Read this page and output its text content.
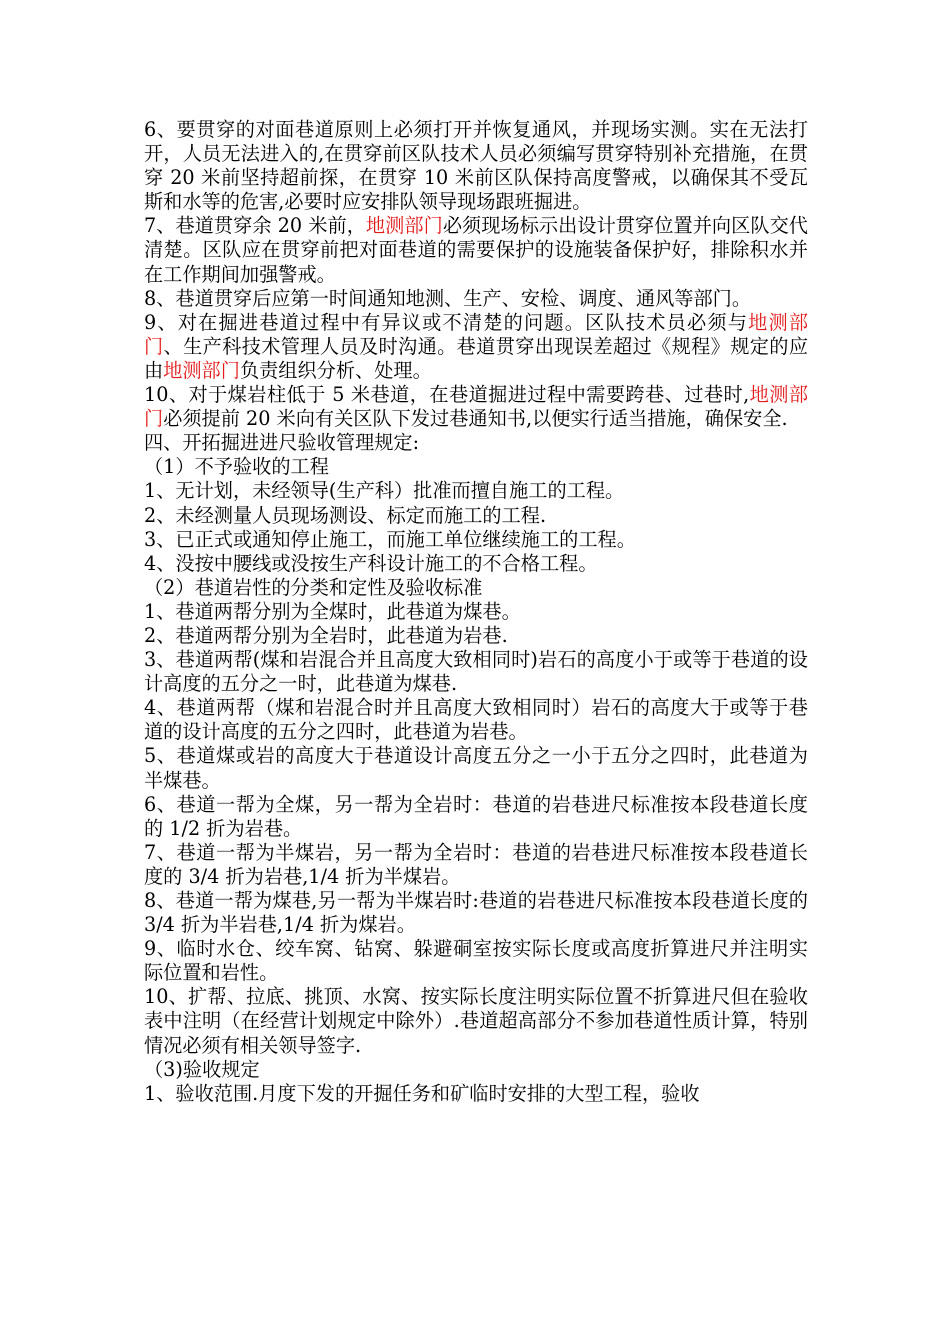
6、要贯穿的对面巷道原则上必须打开并恢复通风，并现场实测。实在无法打开，人员无法进入的,在贯穿前区队技术人员必须编写贯穿特别补充措施，在贯穿 20 米前坚持超前探，在贯穿 10 米前区队保持高度警戒，以确保其不受瓦斯和水等的危害,必要时应安排队领导现场跟班掘进。

7、巷道贯穿余 20 米前，地测部门必须现场标示出设计贯穿位置并向区队交代清楚。区队应在贯穿前把对面巷道的需要保护的设施装备保护好，排除积水并在工作期间加强警戒。

8、巷道贯穿后应第一时间通知地测、生产、安检、调度、通风等部门。

9、对在掘进巷道过程中有异议或不清楚的问题。区队技术员必须与地测部门、生产科技术管理人员及时沟通。巷道贯穿出现误差超过《规程》规定的应由地测部门负责组织分析、处理。

10、对于煤岩柱低于 5 米巷道，在巷道掘进过程中需要跨巷、过巷时,地测部门必须提前 20 米向有关区队下发过巷通知书,以便实行适当措施，确保安全.

四、开拓掘进进尺验收管理规定:

（1）不予验收的工程

1、无计划，未经领导(生产科）批准而擅自施工的工程。

2、未经测量人员现场测设、标定而施工的工程.

3、已正式或通知停止施工，而施工单位继续施工的工程。

4、没按中腰线或没按生产科设计施工的不合格工程。

（2）巷道岩性的分类和定性及验收标准

1、巷道两帮分别为全煤时，此巷道为煤巷。

2、巷道两帮分别为全岩时，此巷道为岩巷.

3、巷道两帮(煤和岩混合并且高度大致相同时)岩石的高度小于或等于巷道的设计高度的五分之一时，此巷道为煤巷.

4、巷道两帮（煤和岩混合时并且高度大致相同时）岩石的高度大于或等于巷道的设计高度的五分之四时，此巷道为岩巷。

5、巷道煤或岩的高度大于巷道设计高度五分之一小于五分之四时，此巷道为半煤巷。

6、巷道一帮为全煤，另一帮为全岩时：巷道的岩巷进尺标准按本段巷道长度的 1/2 折为岩巷。

7、巷道一帮为半煤岩，另一帮为全岩时：巷道的岩巷进尺标准按本段巷道长度的 3/4 折为岩巷,1/4 折为半煤岩。

8、巷道一帮为煤巷,另一帮为半煤岩时:巷道的岩巷进尺标准按本段巷道长度的 3/4 折为半岩巷,1/4 折为煤岩。

9、临时水仓、绞车窝、钻窝、躲避硐室按实际长度或高度折算进尺并注明实际位置和岩性。

10、扩帮、拉底、挑顶、水窝、按实际长度注明实际位置不折算进尺但在验收表中注明（在经营计划规定中除外）.巷道超高部分不参加巷道性质计算，特别情况必须有相关领导签字.

（3)验收规定

1、验收范围.月度下发的开掘任务和矿临时安排的大型工程，验收
